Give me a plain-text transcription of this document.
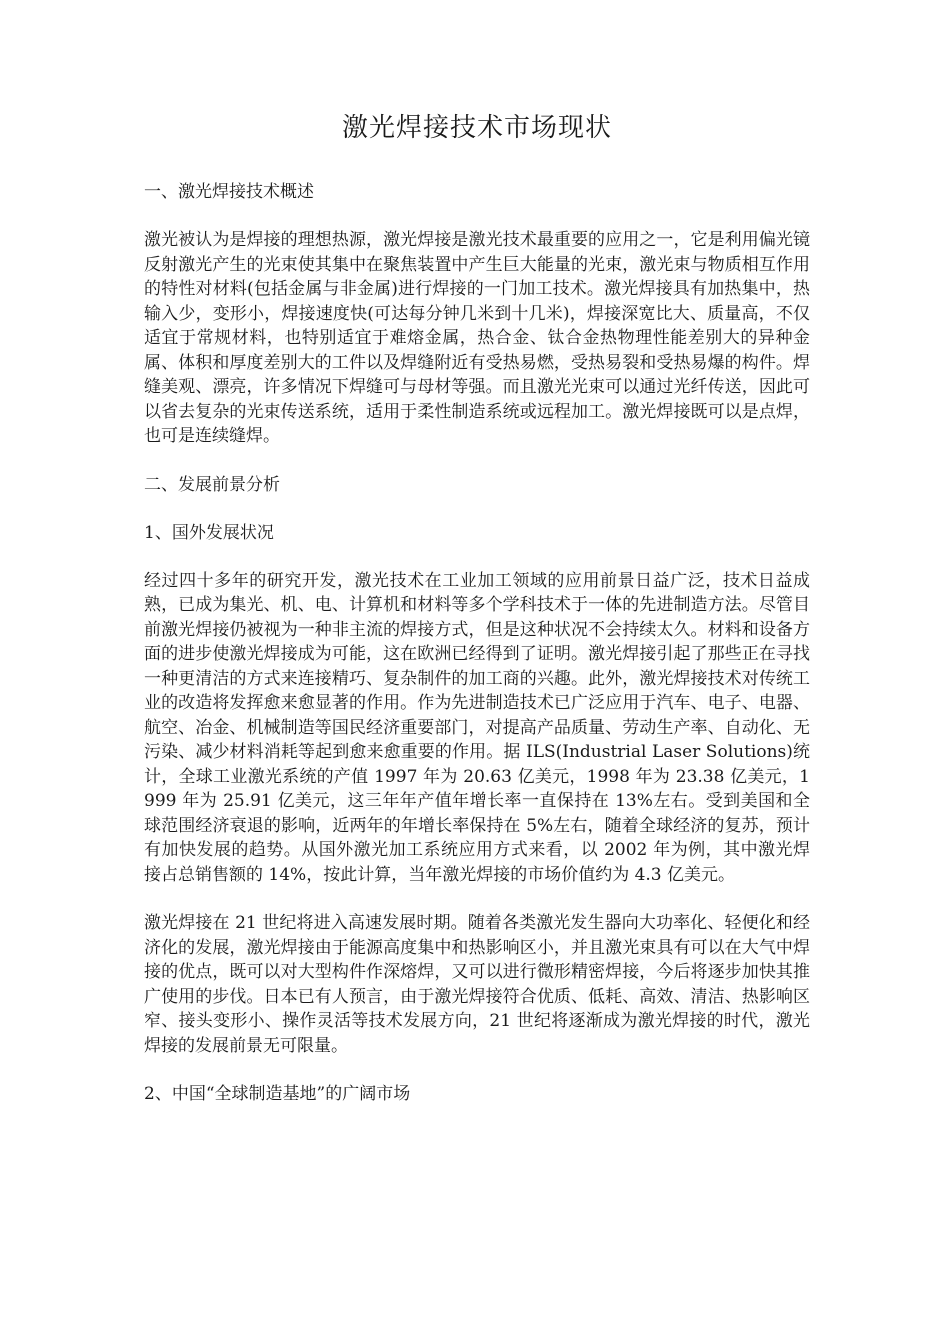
激光焊接技术市场现状

一、激光焊接技术概述

激光被认为是焊接的理想热源，激光焊接是激光技术最重要的应用之一，它是利用偏光镜反射激光产生的光束使其集中在聚焦装置中产生巨大能量的光束，激光束与物质相互作用的特性对材料(包括金属与非金属)进行焊接的一门加工技术。激光焊接具有加热集中，热输入少，变形小，焊接速度快(可达每分钟几米到十几米)，焊接深宽比大、质量高，不仅适宜于常规材料，也特别适宜于难熔金属，热合金、钛合金热物理性能差别大的异种金属、体积和厚度差别大的工件以及焊缝附近有受热易燃，受热易裂和受热易爆的构件。焊缝美观、漂亮，许多情况下焊缝可与母材等强。而且激光光束可以通过光纤传送，因此可以省去复杂的光束传送系统，适用于柔性制造系统或远程加工。激光焊接既可以是点焊，也可是连续缝焊。

二、发展前景分析

1、国外发展状况

经过四十多年的研究开发，激光技术在工业加工领域的应用前景日益广泛，技术日益成熟，已成为集光、机、电、计算机和材料等多个学科技术于一体的先进制造方法。尽管目前激光焊接仍被视为一种非主流的焊接方式，但是这种状况不会持续太久。材料和设备方面的进步使激光焊接成为可能，这在欧洲已经得到了证明。激光焊接引起了那些正在寻找一种更清洁的方式来连接精巧、复杂制件的加工商的兴趣。此外，激光焊接技术对传统工业的改造将发挥愈来愈显著的作用。作为先进制造技术已广泛应用于汽车、电子、电器、航空、冶金、机械制造等国民经济重要部门，对提高产品质量、劳动生产率、自动化、无污染、减少材料消耗等起到愈来愈重要的作用。据 ILS(Industrial Laser Solutions)统计，全球工业激光系统的产值 1997 年为 20.63 亿美元，1998 年为 23.38 亿美元，1999 年为 25.91 亿美元，这三年年产值年增长率一直保持在 13%左右。受到美国和全球范围经济衰退的影响，近两年的年增长率保持在 5%左右，随着全球经济的复苏，预计有加快发展的趋势。从国外激光加工系统应用方式来看，以 2002 年为例，其中激光焊接占总销售额的 14%，按此计算，当年激光焊接的市场价值约为 4.3 亿美元。

激光焊接在 21 世纪将进入高速发展时期。随着各类激光发生器向大功率化、轻便化和经济化的发展，激光焊接由于能源高度集中和热影响区小，并且激光束具有可以在大气中焊接的优点，既可以对大型构件作深熔焊，又可以进行微形精密焊接，今后将逐步加快其推广使用的步伐。日本已有人预言，由于激光焊接符合优质、低耗、高效、清洁、热影响区窄、接头变形小、操作灵活等技术发展方向，21 世纪将逐渐成为激光焊接的时代，激光焊接的发展前景无可限量。

2、中国“全球制造基地”的广阔市场
